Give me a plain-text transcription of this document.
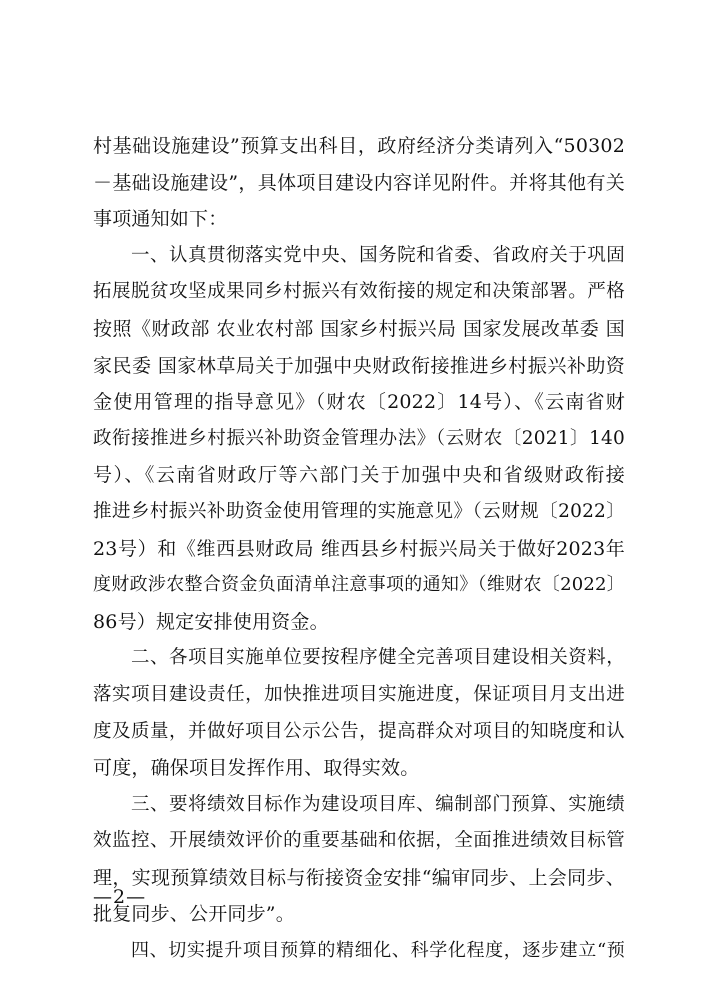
村基础设施建设”预算支出科目，政府经济分类请列入“50302
－基础设施建设”，具体项目建设内容详见附件。并将其他有关
事项通知如下：
一、认真贯彻落实党中央、国务院和省委、省政府关于巩固
拓展脱贫攻坚成果同乡村振兴有效衔接的规定和决策部署。严格
按照《财政部 农业农村部 国家乡村振兴局 国家发展改革委 国
家民委 国家林草局关于加强中央财政衔接推进乡村振兴补助资
金使用管理的指导意见》（财农〔2022〕14号）、《云南省财
政衔接推进乡村振兴补助资金管理办法》（云财农〔2021〕140
号）、《云南省财政厅等六部门关于加强中央和省级财政衔接
推进乡村振兴补助资金使用管理的实施意见》（云财规〔2022〕
23号）和《维西县财政局 维西县乡村振兴局关于做好2023年
度财政涉农整合资金负面清单注意事项的通知》（维财农〔2022〕
86号）规定安排使用资金。
二、各项目实施单位要按程序健全完善项目建设相关资料，
落实项目建设责任，加快推进项目实施进度，保证项目月支出进
度及质量，并做好项目公示公告，提高群众对项目的知晓度和认
可度，确保项目发挥作用、取得实效。
三、要将绩效目标作为建设项目库、编制部门预算、实施绩
效监控、开展绩效评价的重要基础和依据，全面推进绩效目标管
理，实现预算绩效目标与衔接资金安排“编审同步、上会同步、
批复同步、公开同步”。
四、切实提升项目预算的精细化、科学化程度，逐步建立“预
—2—
